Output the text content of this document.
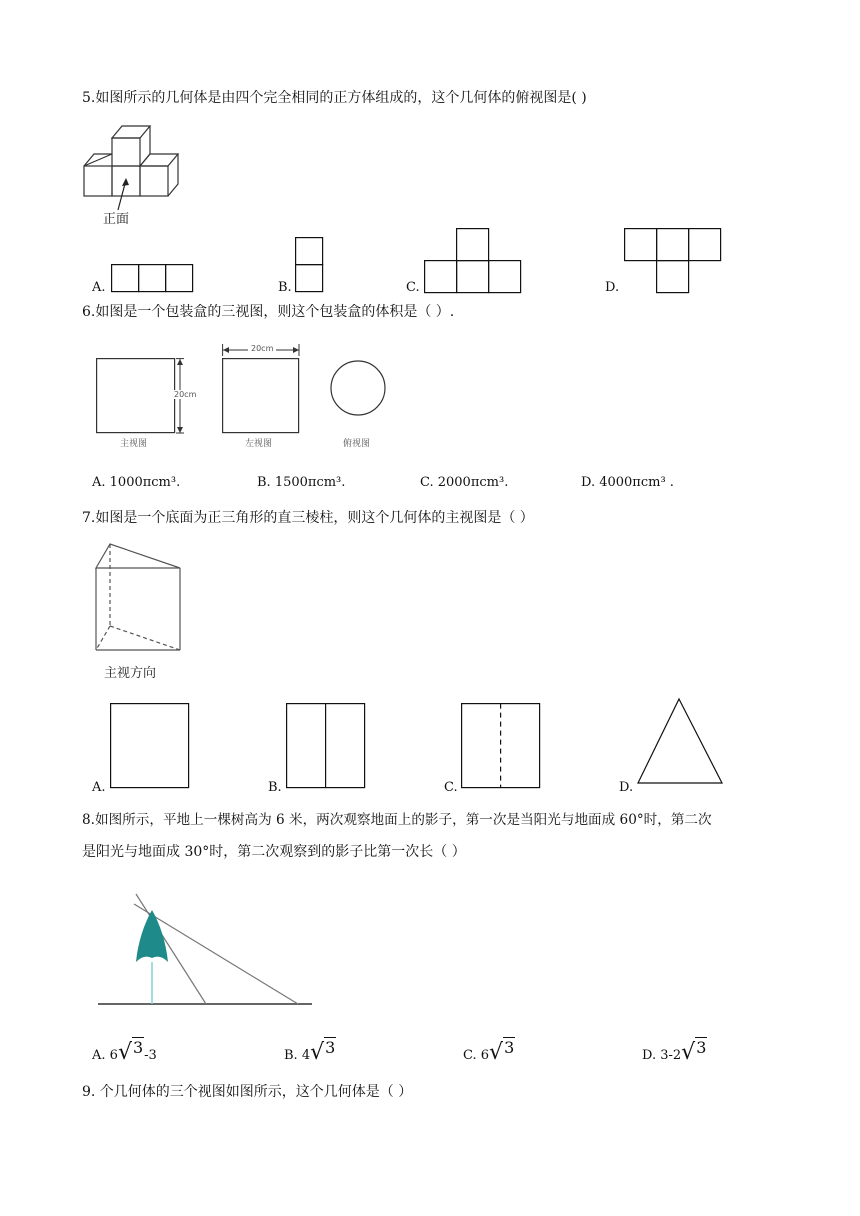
5.如图所示的几何体是由四个完全相同的正方体组成的，这个几何体的俯视图是( )
正面
A.	B.	C.	D.
6.如图是一个包装盒的三视图，则这个包装盒的体积是（ ）.
20cm
主视图
20cm
左视图	俯视图
A. 1000πcm³.	B. 1500πcm³.	C. 2000πcm³.	D. 4000πcm³ .
7.如图是一个底面为正三角形的直三棱柱，则这个几何体的主视图是（ ）
主视方向
A.	B.	C.	D.
8.如图所示，平地上一棵树高为 6 米，两次观察地面上的影子，第一次是当阳光与地面成 60°时，第二次
是阳光与地面成 30°时，第二次观察到的影子比第一次长（ ）
A. 6√3-3	B. 4√3	C. 6√3	D. 3-2√3
9. 个几何体的三个视图如图所示，这个几何体是（ ）
